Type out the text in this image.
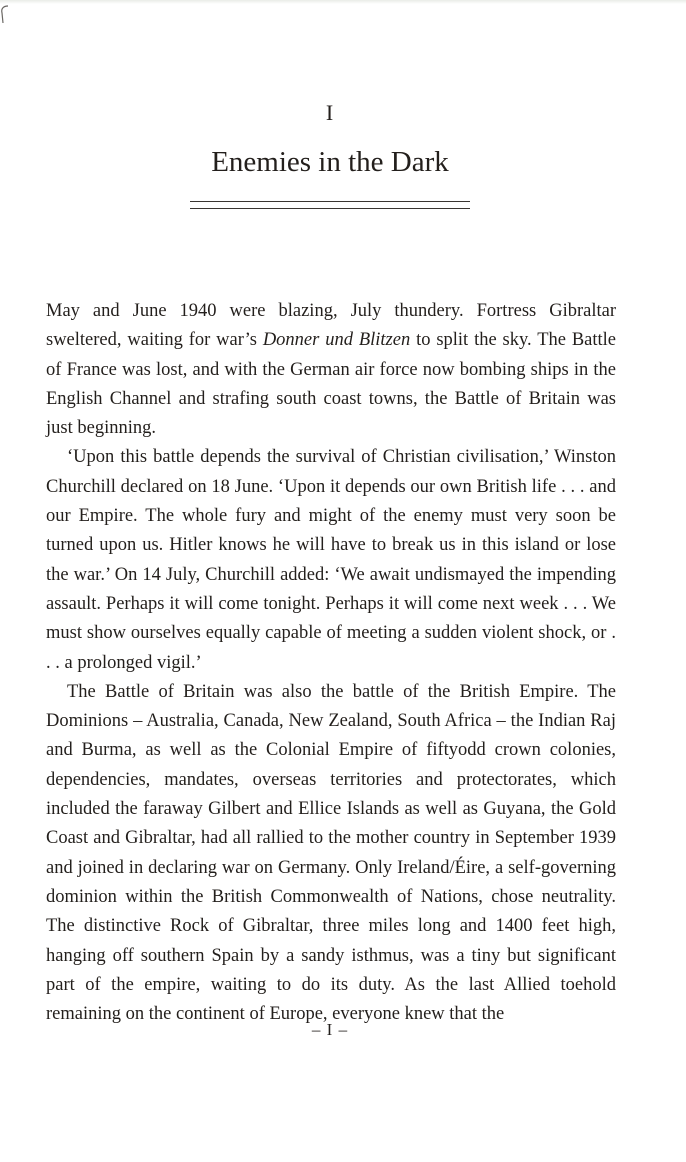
I
Enemies in the Dark

May and June 1940 were blazing, July thundery. Fortress Gibraltar sweltered, waiting for war’s Donner und Blitzen to split the sky. The Battle of France was lost, and with the German air force now bombing ships in the English Channel and strafing south coast towns, the Battle of Britain was just beginning.

‘Upon this battle depends the survival of Christian civilisation,’ Winston Churchill declared on 18 June. ‘Upon it depends our own British life . . . and our Empire. The whole fury and might of the enemy must very soon be turned upon us. Hitler knows he will have to break us in this island or lose the war.’ On 14 July, Churchill added: ‘We await undismayed the impending assault. Perhaps it will come tonight. Perhaps it will come next week . . . We must show ourselves equally capable of meeting a sudden violent shock, or . . . a prolonged vigil.’

The Battle of Britain was also the battle of the British Empire. The Dominions – Australia, Canada, New Zealand, South Africa – the Indian Raj and Burma, as well as the Colonial Empire of fiftyodd crown colonies, dependencies, mandates, overseas territories and protectorates, which included the faraway Gilbert and Ellice Islands as well as Guyana, the Gold Coast and Gibraltar, had all rallied to the mother country in September 1939 and joined in declaring war on Germany. Only Ireland/Éire, a self-governing dominion within the British Commonwealth of Nations, chose neutrality. The distinctive Rock of Gibraltar, three miles long and 1400 feet high, hanging off southern Spain by a sandy isthmus, was a tiny but significant part of the empire, waiting to do its duty. As the last Allied toehold remaining on the continent of Europe, everyone knew that the

– I –
